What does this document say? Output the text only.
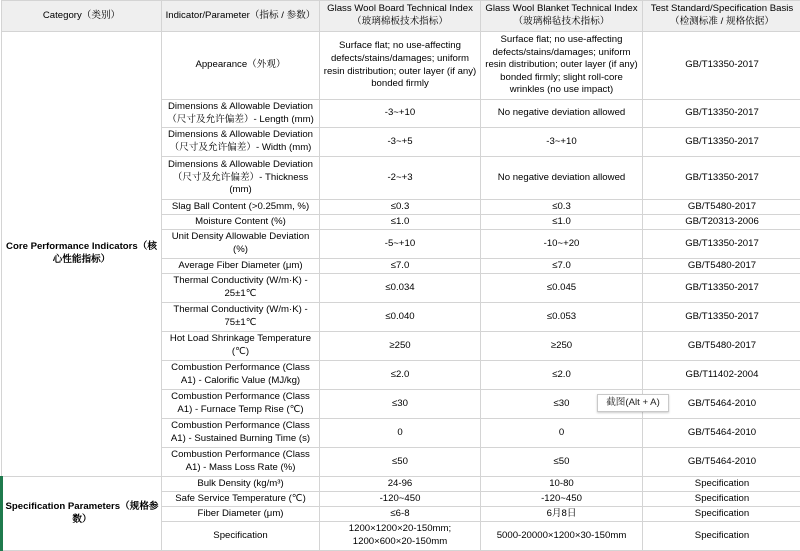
Category（类别）	Indicator/Parameter（指标 / 参数）	Glass Wool Board Technical Index（玻璃棉板技术指标）	Glass Wool Blanket Technical Index（玻璃棉毡技术指标）	Test Standard/Specification Basis（检测标准 / 规格依据）
Core Performance Indicators（核心性能指标）	Appearance（外观）	Surface flat; no use-affecting defects/stains/damages; uniform resin distribution; outer layer (if any) bonded firmly	Surface flat; no use-affecting defects/stains/damages; uniform resin distribution; outer layer (if any) bonded firmly; slight roll-core wrinkles (no use impact)	GB/T13350-2017
	Dimensions & Allowable Deviation（尺寸及允许偏差）- Length (mm)	-3~+10	No negative deviation allowed	GB/T13350-2017
	Dimensions & Allowable Deviation（尺寸及允许偏差）- Width (mm)	-3~+5	-3~+10	GB/T13350-2017
	Dimensions & Allowable Deviation（尺寸及允许偏差）- Thickness (mm)	-2~+3	No negative deviation allowed	GB/T13350-2017
	Slag Ball Content (>0.25mm, %)	≤0.3	≤0.3	GB/T5480-2017
	Moisture Content (%)	≤1.0	≤1.0	GB/T20313-2006
	Unit Density Allowable Deviation (%)	-5~+10	-10~+20	GB/T13350-2017
	Average Fiber Diameter (μm)	≤7.0	≤7.0	GB/T5480-2017
	Thermal Conductivity (W/m·K) - 25±1℃	≤0.034	≤0.045	GB/T13350-2017
	Thermal Conductivity (W/m·K) - 75±1℃	≤0.040	≤0.053	GB/T13350-2017
	Hot Load Shrinkage Temperature (℃)	≥250	≥250	GB/T5480-2017
	Combustion Performance (Class A1) - Calorific Value (MJ/kg)	≤2.0	≤2.0	GB/T11402-2004
	Combustion Performance (Class A1) - Furnace Temp Rise (℃)	≤30	≤30	GB/T5464-2010
	Combustion Performance (Class A1) - Sustained Burning Time (s)	0	0	GB/T5464-2010
	Combustion Performance (Class A1) - Mass Loss Rate (%)	≤50	≤50	GB/T5464-2010
Specification Parameters（规格参数）	Bulk Density (kg/m³)	24-96	10-80	Specification
	Safe Service Temperature (℃)	-120~450	-120~450	Specification
	Fiber Diameter (μm)	≤6-8	6月8日	Specification
	Specification	1200×1200×20-150mm; 1200×600×20-150mm	5000-20000×1200×30-150mm	Specification
截图(Alt + A)
